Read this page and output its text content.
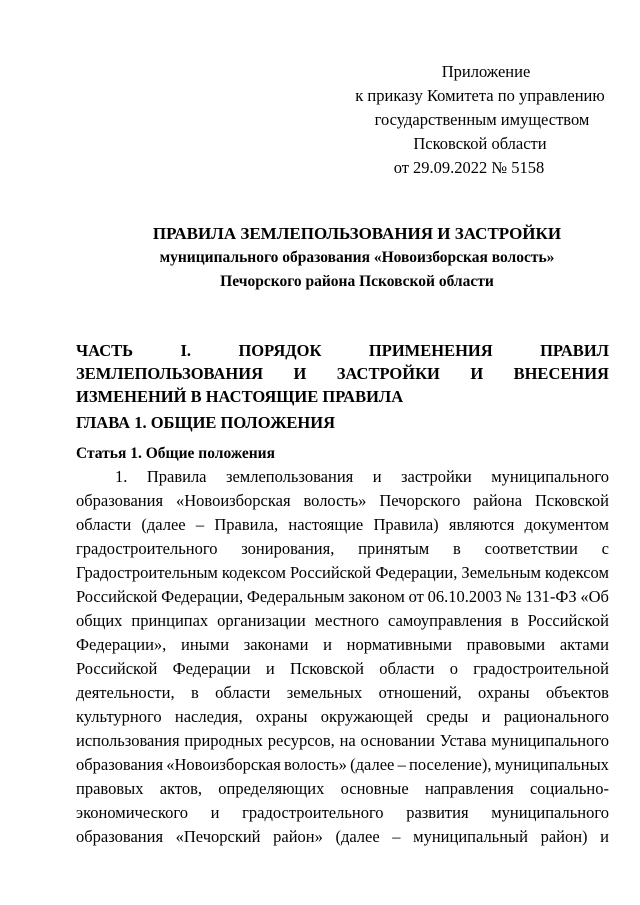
Приложение
к приказу Комитета по управлению
государственным имуществом
Псковской области
от 29.09.2022 № 5158
ПРАВИЛА ЗЕМЛЕПОЛЬЗОВАНИЯ И ЗАСТРОЙКИ
муниципального образования «Новоизборская волость»
Печорского района Псковской области
ЧАСТЬ	I.	ПОРЯДОК	ПРИМЕНЕНИЯ	ПРАВИЛ
ЗЕМЛЕПОЛЬЗОВАНИЯ И ЗАСТРОЙКИ И ВНЕСЕНИЯ
ИЗМЕНЕНИЙ В НАСТОЯЩИЕ ПРАВИЛА
ГЛАВА 1. ОБЩИЕ ПОЛОЖЕНИЯ
Статья 1. Общие положения
1. Правила землепользования и застройки муниципального
образования «Новоизборская волость» Печорского района Псковской
области (далее – Правила, настоящие Правила) являются документом
градостроительного зонирования, принятым в соответствии с
Градостроительным кодексом Российской Федерации, Земельным кодексом
Российской Федерации, Федеральным законом от 06.10.2003 № 131-ФЗ «Об
общих принципах организации местного самоуправления в Российской
Федерации», иными законами и нормативными правовыми актами
Российской Федерации и Псковской области о градостроительной
деятельности, в области земельных отношений, охраны объектов
культурного наследия, охраны окружающей среды и рационального
использования природных ресурсов, на основании Устава муниципального
образования «Новоизборская волость» (далее – поселение), муниципальных
правовых актов, определяющих основные направления социально-
экономического и градостроительного развития муниципального
образования «Печорский район» (далее – муниципальный район) и
